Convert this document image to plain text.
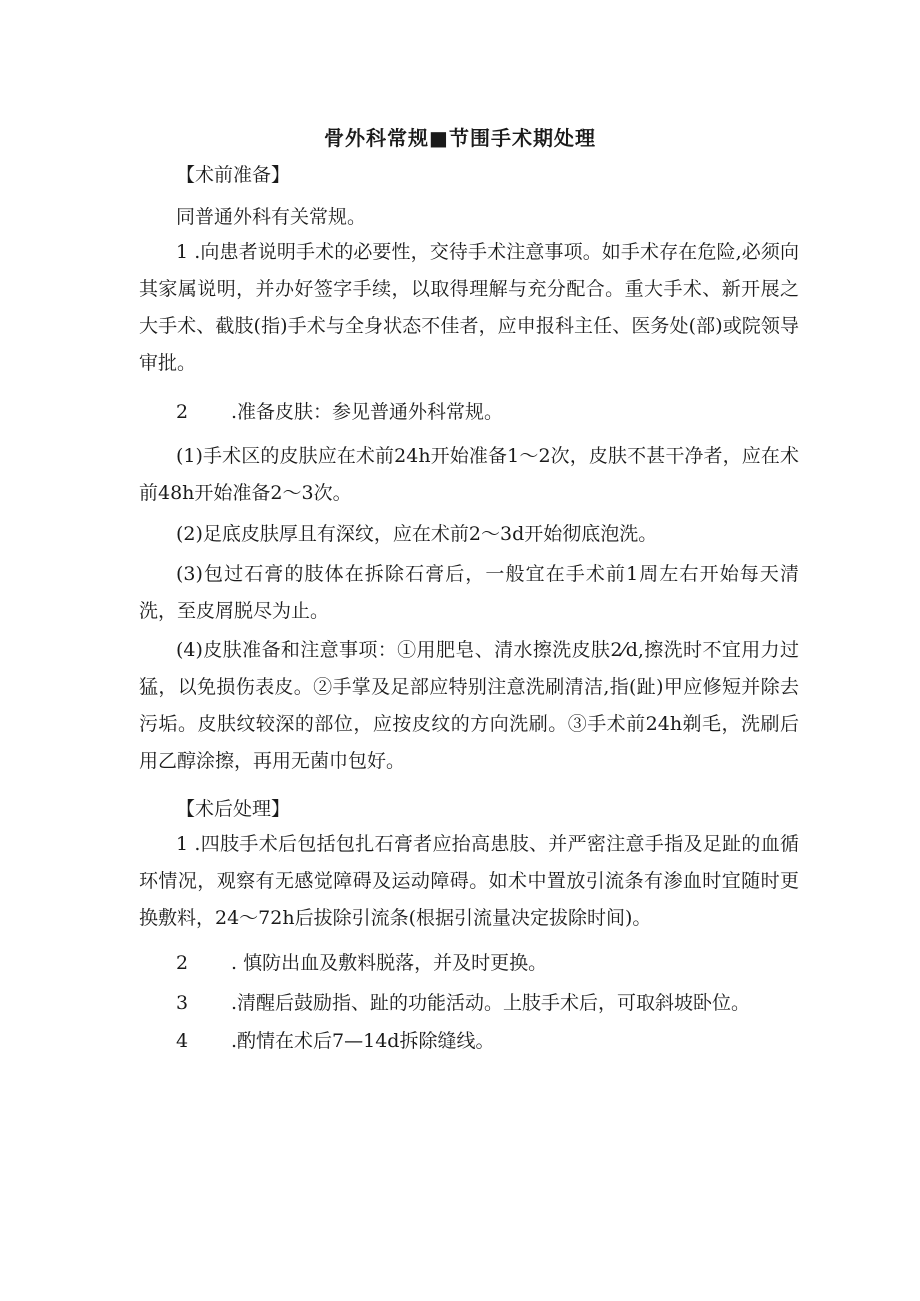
骨外科常规■节围手术期处理
【术前准备】
同普通外科有关常规。
1 .向患者说明手术的必要性，交待手术注意事项。如手术存在危险,必须向其家属说明，并办好签字手续，以取得理解与充分配合。重大手术、新开展之大手术、截肢(指)手术与全身状态不佳者，应申报科主任、医务处(部)或院领导审批。
2 .准备皮肤：参见普通外科常规。
(1)手术区的皮肤应在术前24h开始准备1～2次，皮肤不甚干净者，应在术前48h开始准备2～3次。
(2)足底皮肤厚且有深纹，应在术前2～3d开始彻底泡洗。
(3)包过石膏的肢体在拆除石膏后，一般宜在手术前1周左右开始每天清洗，至皮屑脱尽为止。
(4)皮肤准备和注意事项：①用肥皂、清水擦洗皮肤2⁄d,擦洗时不宜用力过猛，以免损伤表皮。②手掌及足部应特别注意洗刷清洁,指(趾)甲应修短并除去污垢。皮肤纹较深的部位，应按皮纹的方向洗刷。③手术前24h剃毛，洗刷后用乙醇涂擦，再用无菌巾包好。
【术后处理】
1 .四肢手术后包括包扎石膏者应抬高患肢、并严密注意手指及足趾的血循环情况，观察有无感觉障碍及运动障碍。如术中置放引流条有渗血时宜随时更换敷料，24～72h后拔除引流条(根据引流量决定拔除时间)。
2 . 慎防出血及敷料脱落，并及时更换。
3 .清醒后鼓励指、趾的功能活动。上肢手术后，可取斜坡卧位。
4 .酌情在术后7—14d拆除缝线。
